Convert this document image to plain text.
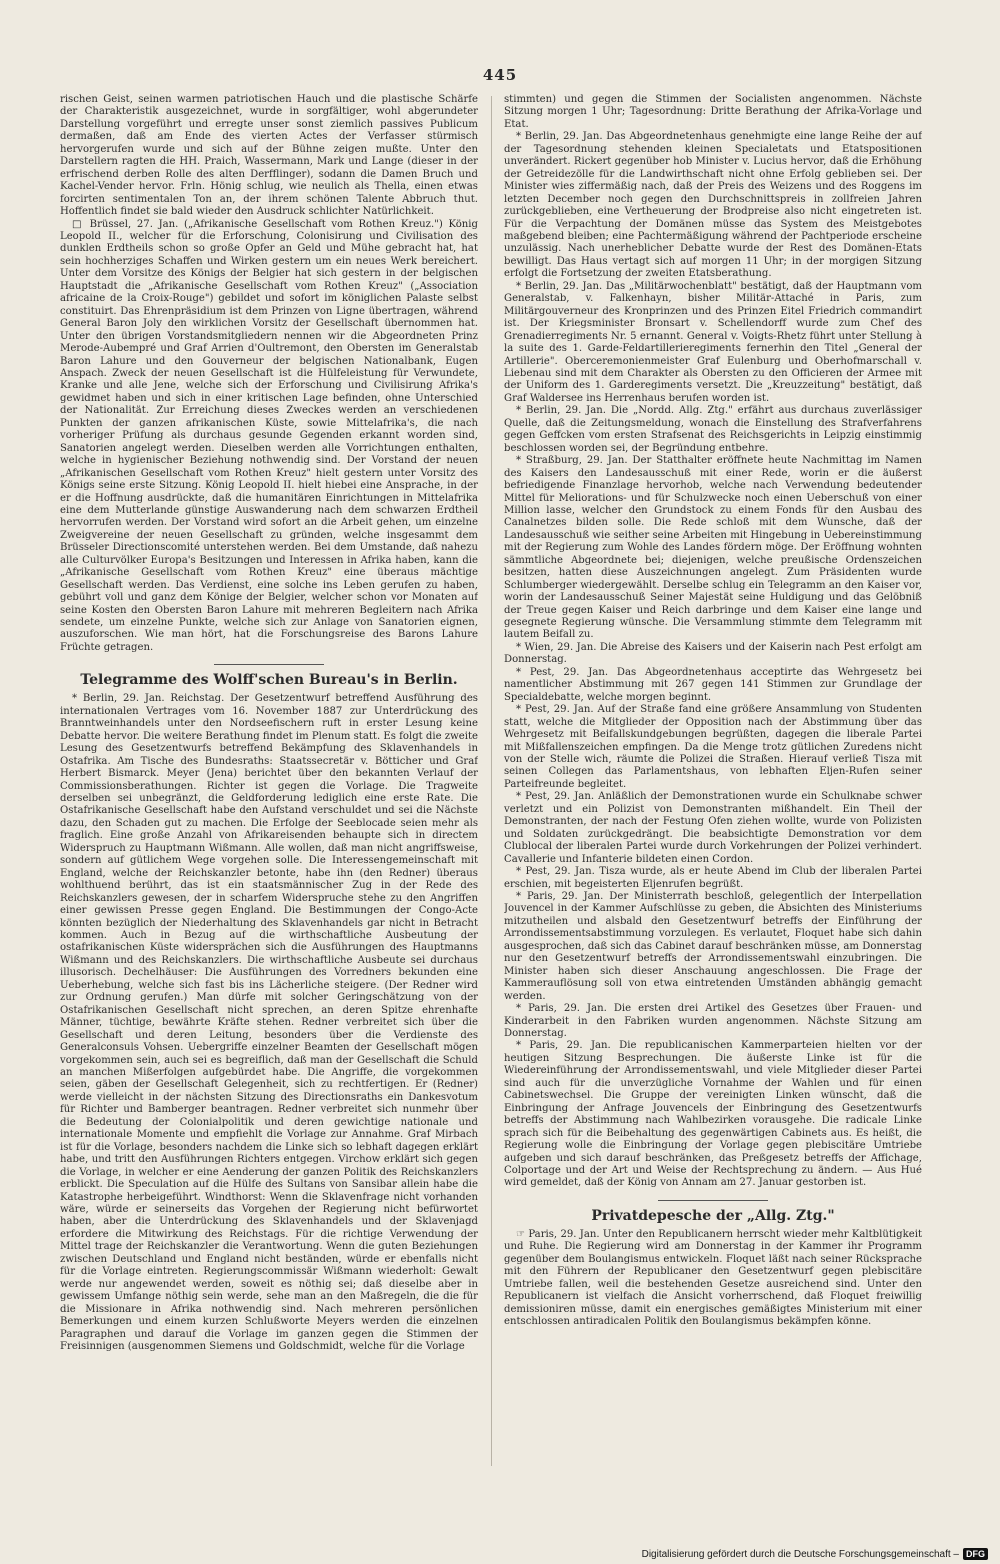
445

rischen Geist, seinen warmen patriotischen Hauch und die plastische Schärfe der Charakteristik ausgezeichnet, wurde in sorgfältiger, wohl abgerundeter Darstellung vorgeführt und erregte unser sonst ziemlich passives Publicum dermaßen, daß am Ende des vierten Actes der Verfasser stürmisch hervorgerufen wurde und sich auf der Bühne zeigen mußte. Unter den Darstellern ragten die HH. Praich, Wassermann, Mark und Lange (dieser in der erfrischend derben Rolle des alten Derfflinger), sodann die Damen Bruch und Kachel-Vender hervor. Frln. Hönig schlug, wie neulich als Thella, einen etwas forcirten sentimentalen Ton an, der ihrem schönen Talente Abbruch thut. Hoffentlich findet sie bald wieder den Ausdruck schlichter Natürlichkeit.

□ Brüssel, 27. Jan. („Afrikanische Gesellschaft vom Rothen Kreuz.") König Leopold II., welcher für die Erforschung, Colonisirung und Civilisation des dunklen Erdtheils schon so große Opfer an Geld und Mühe gebracht hat, hat sein hochherziges Schaffen und Wirken gestern um ein neues Werk bereichert. Unter dem Vorsitze des Königs der Belgier hat sich gestern in der belgischen Hauptstadt die „Afrikanische Gesellschaft vom Rothen Kreuz" („Association africaine de la Croix-Rouge") gebildet und sofort im königlichen Palaste selbst constituirt. Das Ehrenpräsidium ist dem Prinzen von Ligne übertragen, während General Baron Joly den wirklichen Vorsitz der Gesellschaft übernommen hat. Unter den übrigen Vorstandsmitgliedern nennen wir die Abgeordneten Prinz Merode-Aubempré und Graf Arrien d'Oultremont, den Obersten im Generalstab Baron Lahure und den Gouverneur der belgischen Nationalbank, Eugen Anspach. Zweck der neuen Gesellschaft ist die Hülfeleistung für Verwundete, Kranke und alle Jene, welche sich der Erforschung und Civilisirung Afrika's gewidmet haben und sich in einer kritischen Lage befinden, ohne Unterschied der Nationalität. Zur Erreichung dieses Zweckes werden an verschiedenen Punkten der ganzen afrikanischen Küste, sowie Mittelafrika's, die nach vorheriger Prüfung als durchaus gesunde Gegenden erkannt worden sind, Sanatorien angelegt werden. Dieselben werden alle Vorrichtungen enthalten, welche in hygienischer Beziehung nothwendig sind. Der Vorstand der neuen „Afrikanischen Gesellschaft vom Rothen Kreuz" hielt gestern unter Vorsitz des Königs seine erste Sitzung. König Leopold II. hielt hiebei eine Ansprache, in der er die Hoffnung ausdrückte, daß die humanitären Einrichtungen in Mittelafrika eine dem Mutterlande günstige Auswanderung nach dem schwarzen Erdtheil hervorrufen werden. Der Vorstand wird sofort an die Arbeit gehen, um einzelne Zweigvereine der neuen Gesellschaft zu gründen, welche insgesammt dem Brüsseler Directionscomité unterstehen werden. Bei dem Umstande, daß nahezu alle Culturvölker Europa's Besitzungen und Interessen in Afrika haben, kann die „Afrikanische Gesellschaft vom Rothen Kreuz" eine überaus mächtige Gesellschaft werden. Das Verdienst, eine solche ins Leben gerufen zu haben, gebührt voll und ganz dem Könige der Belgier, welcher schon vor Monaten auf seine Kosten den Obersten Baron Lahure mit mehreren Begleitern nach Afrika sendete, um einzelne Punkte, welche sich zur Anlage von Sanatorien eignen, auszuforschen. Wie man hört, hat die Forschungsreise des Barons Lahure Früchte getragen.

Telegramme des Wolff'schen Bureau's in Berlin.

* Berlin, 29. Jan. Reichstag. Der Gesetzentwurf betreffend Ausführung des internationalen Vertrages vom 16. November 1887 zur Unterdrückung des Branntweinhandels unter den Nordseefischern ruft in erster Lesung keine Debatte hervor. Die weitere Berathung findet im Plenum statt. Es folgt die zweite Lesung des Gesetzentwurfs betreffend Bekämpfung des Sklavenhandels in Ostafrika. Am Tische des Bundesraths: Staatssecretär v. Bötticher und Graf Herbert Bismarck. Meyer (Jena) berichtet über den bekannten Verlauf der Commissionsberathungen. Richter ist gegen die Vorlage. Die Tragweite derselben sei unbegränzt, die Geldforderung lediglich eine erste Rate. Die Ostafrikanische Gesellschaft habe den Aufstand verschuldet und sei die Nächste dazu, den Schaden gut zu machen. Die Erfolge der Seeblocade seien mehr als fraglich. Eine große Anzahl von Afrikareisenden behaupte sich in directem Widerspruch zu Hauptmann Wißmann. Alle wollen, daß man nicht angriffsweise, sondern auf gütlichem Wege vorgehen solle. Die Interessengemeinschaft mit England, welche der Reichskanzler betonte, habe ihn (den Redner) überaus wohlthuend berührt, das ist ein staatsmännischer Zug in der Rede des Reichskanzlers gewesen, der in scharfem Widerspruche stehe zu den Angriffen einer gewissen Presse gegen England. Die Bestimmungen der Congo-Acte könnten bezüglich der Niederhaltung des Sklavenhandels gar nicht in Betracht kommen. Auch in Bezug auf die wirthschaftliche Ausbeutung der ostafrikanischen Küste widersprächen sich die Ausführungen des Hauptmanns Wißmann und des Reichskanzlers. Die wirthschaftliche Ausbeute sei durchaus illusorisch. Dechelhäuser: Die Ausführungen des Vorredners bekunden eine Ueberhebung, welche sich fast bis ins Lächerliche steigere. (Der Redner wird zur Ordnung gerufen.) Man dürfe mit solcher Geringschätzung von der Ostafrikanischen Gesellschaft nicht sprechen, an deren Spitze ehrenhafte Männer, tüchtige, bewährte Kräfte stehen. Redner verbreitet sich über die Gesellschaft und deren Leitung, besonders über die Verdienste des Generalconsuls Vohsen. Uebergriffe einzelner Beamten der Gesellschaft mögen vorgekommen sein, auch sei es begreiflich, daß man der Gesellschaft die Schuld an manchen Mißerfolgen aufgebürdet habe. Die Angriffe, die vorgekommen seien, gäben der Gesellschaft Gelegenheit, sich zu rechtfertigen. Er (Redner) werde vielleicht in der nächsten Sitzung des Directionsraths ein Dankesvotum für Richter und Bamberger beantragen. Redner verbreitet sich nunmehr über die Bedeutung der Colonialpolitik und deren gewichtige nationale und internationale Momente und empfiehlt die Vorlage zur Annahme. Graf Mirbach ist für die Vorlage, besonders nachdem die Linke sich so lebhaft dagegen erklärt habe, und tritt den Ausführungen Richters entgegen. Virchow erklärt sich gegen die Vorlage, in welcher er eine Aenderung der ganzen Politik des Reichskanzlers erblickt. Die Speculation auf die Hülfe des Sultans von Sansibar allein habe die Katastrophe herbeigeführt. Windthorst: Wenn die Sklavenfrage nicht vorhanden wäre, würde er seinerseits das Vorgehen der Regierung nicht befürwortet haben, aber die Unterdrückung des Sklavenhandels und der Sklavenjagd erfordere die Mitwirkung des Reichstags. Für die richtige Verwendung der Mittel trage der Reichskanzler die Verantwortung. Wenn die guten Beziehungen zwischen Deutschland und England nicht beständen, würde er ebenfalls nicht für die Vorlage eintreten. Regierungscommissär Wißmann wiederholt: Gewalt werde nur angewendet werden, soweit es nöthig sei; daß dieselbe aber in gewissem Umfange nöthig sein werde, sehe man an den Maßregeln, die die für die Missionare in Afrika nothwendig sind. Nach mehreren persönlichen Bemerkungen und einem kurzen Schlußworte Meyers werden die einzelnen Paragraphen und darauf die Vorlage im ganzen gegen die Stimmen der Freisinnigen (ausgenommen Siemens und Goldschmidt, welche für die Vorlage

stimmten) und gegen die Stimmen der Socialisten angenommen. Nächste Sitzung morgen 1 Uhr; Tagesordnung: Dritte Berathung der Afrika-Vorlage und Etat.

* Berlin, 29. Jan. Das Abgeordnetenhaus genehmigte eine lange Reihe der auf der Tagesordnung stehenden kleinen Specialetats und Etatspositionen unverändert. Rickert gegenüber hob Minister v. Lucius hervor, daß die Erhöhung der Getreidezölle für die Landwirthschaft nicht ohne Erfolg geblieben sei. Der Minister wies ziffermäßig nach, daß der Preis des Weizens und des Roggens im letzten December noch gegen den Durchschnittspreis in zollfreien Jahren zurückgeblieben, eine Vertheuerung der Brodpreise also nicht eingetreten ist. Für die Verpachtung der Domänen müsse das System des Meistgebotes maßgebend bleiben; eine Pachtermäßigung während der Pachtperiode erscheine unzulässig. Nach unerheblicher Debatte wurde der Rest des Domänen-Etats bewilligt. Das Haus vertagt sich auf morgen 11 Uhr; in der morgigen Sitzung erfolgt die Fortsetzung der zweiten Etatsberathung.

* Berlin, 29. Jan. Das „Militärwochenblatt" bestätigt, daß der Hauptmann vom Generalstab, v. Falkenhayn, bisher Militär-Attaché in Paris, zum Militärgouverneur des Kronprinzen und des Prinzen Eitel Friedrich commandirt ist. Der Kriegsminister Bronsart v. Schellendorff wurde zum Chef des Grenadierregiments Nr. 5 ernannt. General v. Voigts-Rhetz führt unter Stellung à la suite des 1. Garde-Feldartillerieregiments fernerhin den Titel „General der Artillerie". Oberceremonienmeister Graf Eulenburg und Oberhofmarschall v. Liebenau sind mit dem Charakter als Obersten zu den Officieren der Armee mit der Uniform des 1. Garderegiments versetzt. Die „Kreuzzeitung" bestätigt, daß Graf Waldersee ins Herrenhaus berufen worden ist.

* Berlin, 29. Jan. Die „Nordd. Allg. Ztg." erfährt aus durchaus zuverlässiger Quelle, daß die Zeitungsmeldung, wonach die Einstellung des Strafverfahrens gegen Geffcken vom ersten Strafsenat des Reichsgerichts in Leipzig einstimmig beschlossen worden sei, der Begründung entbehre.

* Straßburg, 29. Jan. Der Statthalter eröffnete heute Nachmittag im Namen des Kaisers den Landesausschuß mit einer Rede, worin er die äußerst befriedigende Finanzlage hervorhob, welche nach Verwendung bedeutender Mittel für Meliorations- und für Schulzwecke noch einen Ueberschuß von einer Million lasse, welcher den Grundstock zu einem Fonds für den Ausbau des Canalnetzes bilden solle. Die Rede schloß mit dem Wunsche, daß der Landesausschuß wie seither seine Arbeiten mit Hingebung in Uebereinstimmung mit der Regierung zum Wohle des Landes fördern möge. Der Eröffnung wohnten sämmtliche Abgeordnete bei; diejenigen, welche preußische Ordenszeichen besitzen, hatten diese Auszeichnungen angelegt. Zum Präsidenten wurde Schlumberger wiedergewählt. Derselbe schlug ein Telegramm an den Kaiser vor, worin der Landesausschuß Seiner Majestät seine Huldigung und das Gelöbniß der Treue gegen Kaiser und Reich darbringe und dem Kaiser eine lange und gesegnete Regierung wünsche. Die Versammlung stimmte dem Telegramm mit lautem Beifall zu.

* Wien, 29. Jan. Die Abreise des Kaisers und der Kaiserin nach Pest erfolgt am Donnerstag.

* Pest, 29. Jan. Das Abgeordnetenhaus acceptirte das Wehrgesetz bei namentlicher Abstimmung mit 267 gegen 141 Stimmen zur Grundlage der Specialdebatte, welche morgen beginnt.

* Pest, 29. Jan. Auf der Straße fand eine größere Ansammlung von Studenten statt, welche die Mitglieder der Opposition nach der Abstimmung über das Wehrgesetz mit Beifallskundgebungen begrüßten, dagegen die liberale Partei mit Mißfallenszeichen empfingen. Da die Menge trotz gütlichen Zuredens nicht von der Stelle wich, räumte die Polizei die Straßen. Hierauf verließ Tisza mit seinen Collegen das Parlamentshaus, von lebhaften Eljen-Rufen seiner Parteifreunde begleitet.

* Pest, 29. Jan. Anläßlich der Demonstrationen wurde ein Schulknabe schwer verletzt und ein Polizist von Demonstranten mißhandelt. Ein Theil der Demonstranten, der nach der Festung Ofen ziehen wollte, wurde von Polizisten und Soldaten zurückgedrängt. Die beabsichtigte Demonstration vor dem Clublocal der liberalen Partei wurde durch Vorkehrungen der Polizei verhindert. Cavallerie und Infanterie bildeten einen Cordon.

* Pest, 29. Jan. Tisza wurde, als er heute Abend im Club der liberalen Partei erschien, mit begeisterten Eljenrufen begrüßt.

* Paris, 29. Jan. Der Ministerrath beschloß, gelegentlich der Interpellation Jouvencel in der Kammer Aufschlüsse zu geben, die Absichten des Ministeriums mitzutheilen und alsbald den Gesetzentwurf betreffs der Einführung der Arrondissementsabstimmung vorzulegen. Es verlautet, Floquet habe sich dahin ausgesprochen, daß sich das Cabinet darauf beschränken müsse, am Donnerstag nur den Gesetzentwurf betreffs der Arrondissementswahl einzubringen. Die Minister haben sich dieser Anschauung angeschlossen. Die Frage der Kammerauflösung soll von etwa eintretenden Umständen abhängig gemacht werden.

* Paris, 29. Jan. Die ersten drei Artikel des Gesetzes über Frauen- und Kinderarbeit in den Fabriken wurden angenommen. Nächste Sitzung am Donnerstag.

* Paris, 29. Jan. Die republicanischen Kammerparteien hielten vor der heutigen Sitzung Besprechungen. Die äußerste Linke ist für die Wiedereinführung der Arrondissementswahl, und viele Mitglieder dieser Partei sind auch für die unverzügliche Vornahme der Wahlen und für einen Cabinetswechsel. Die Gruppe der vereinigten Linken wünscht, daß die Einbringung der Anfrage Jouvencels der Einbringung des Gesetzentwurfs betreffs der Abstimmung nach Wahlbezirken vorausgehe. Die radicale Linke sprach sich für die Beibehaltung des gegenwärtigen Cabinets aus. Es heißt, die Regierung wolle die Einbringung der Vorlage gegen plebiscitäre Umtriebe aufgeben und sich darauf beschränken, das Preßgesetz betreffs der Affichage, Colportage und der Art und Weise der Rechtsprechung zu ändern. — Aus Hué wird gemeldet, daß der König von Annam am 27. Januar gestorben ist.

Privatdepesche der „Allg. Ztg."

☞ Paris, 29. Jan. Unter den Republicanern herrscht wieder mehr Kaltblütigkeit und Ruhe. Die Regierung wird am Donnerstag in der Kammer ihr Programm gegenüber dem Boulangismus entwickeln. Floquet läßt nach seiner Rücksprache mit den Führern der Republicaner den Gesetzentwurf gegen plebiscitäre Umtriebe fallen, weil die bestehenden Gesetze ausreichend sind. Unter den Republicanern ist vielfach die Ansicht vorherrschend, daß Floquet freiwillig demissioniren müsse, damit ein energisches gemäßigtes Ministerium mit einer entschlossen antiradicalen Politik den Boulangismus bekämpfen könne.

Digitalisierung gefördert durch die Deutsche Forschungsgemeinschaft – DFG
